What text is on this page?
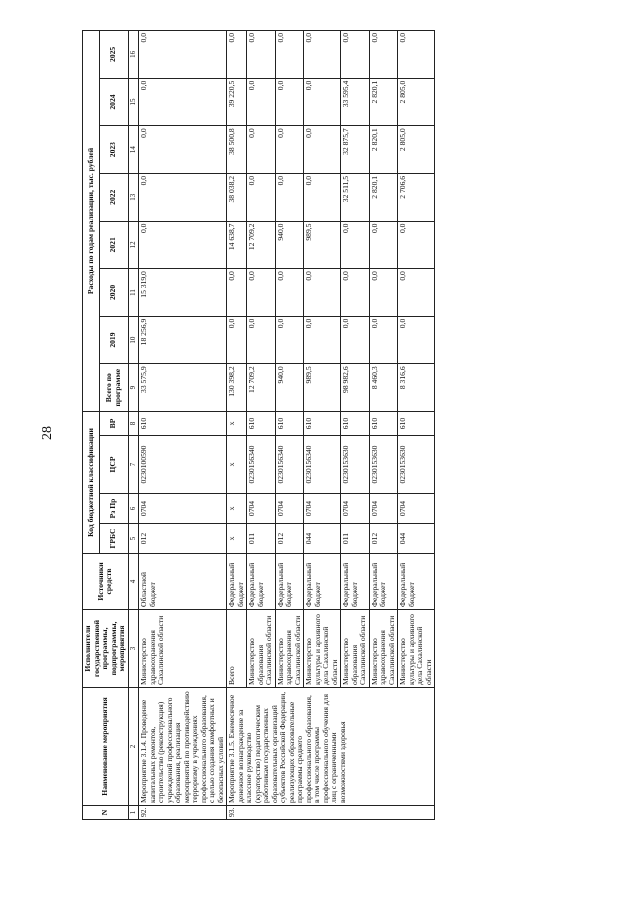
28
N	Наименование мероприятия	Исполнители государственной программы, подпрограммы, мероприятия	Источники средств	Код бюджетной классификации				Расходы по годам реализации, тыс. рублей							
				ГРБС	Рз Пр	ЦСР	ВР	Всего по программе	2019	2020	2021	2022	2023	2024	2025
1	2	3	4	5	6	7	8	9	10	11	12	13	14	15	16
92.	Мероприятие 3.1.4. Проведение капитальных ремонтов, строительство (реконструкция) учреждений профессионального образования, реализация мероприятий по противодействию терроризму в учреждениях профессионального образования, с целью создания комфортных и безопасных условий	Министерство здравоохранения Сахалинской области	Областной бюджет	012	0704	0230100590	610	33 575,9	18 256,9	15 319,0	0,0	0,0	0,0	0,0	0,0
93.	Мероприятие 3.1.5. Ежемесячное денежное вознаграждение за классное руководство (кураторство) педагогическим работникам государственных образовательных организаций субъектов Российской Федерации, реализующих образовательные программы среднего профессионального образования, в том числе программы профессионального обучения для лиц с ограниченными возможностями здоровья	Всего	Федеральный бюджет	x	x	x	x	130 398,2	0,0	0,0	14 638,7	38 038,2	38 500,8	39 220,5	0,0
		Министерство образования Сахалинской области	Федеральный бюджет	011	0704	0230156340	610	12 709,2	0,0	0,0	12 709,2	0,0	0,0	0,0	0,0
		Министерство здравоохранения Сахалинской области	Федеральный бюджет	012	0704	0230156340	610	940,0	0,0	0,0	940,0	0,0	0,0	0,0	0,0
		Министерство культуры и архивного дела Сахалинской области	Федеральный бюджет	044	0704	0230156340	610	989,5	0,0	0,0	989,5	0,0	0,0	0,0	0,0
		Министерство образования Сахалинской области	Федеральный бюджет	011	0704	0230153630	610	98 982,6	0,0	0,0	0,0	32 511,5	32 875,7	33 595,4	0,0
		Министерство здравоохранения Сахалинской области	Федеральный бюджет	012	0704	0230153630	610	8 460,3	0,0	0,0	0,0	2 820,1	2 820,1	2 820,1	0,0
		Министерство культуры и архивного дела Сахалинской области	Федеральный бюджет	044	0704	0230153630	610	8 316,6	0,0	0,0	0,0	2 706,6	2 805,0	2 805,0	0,0
